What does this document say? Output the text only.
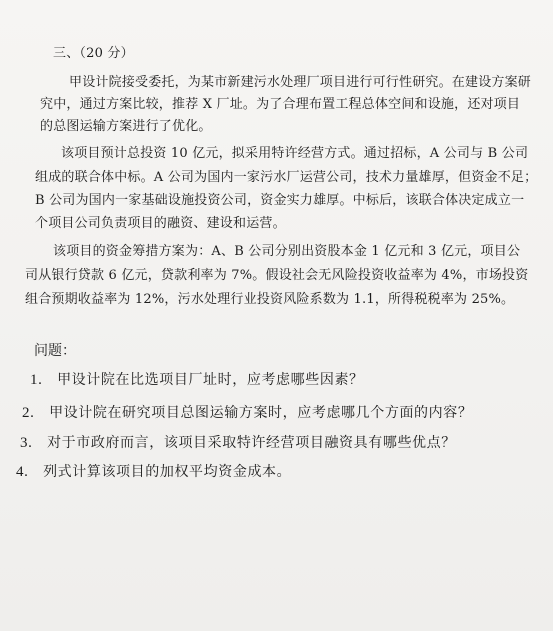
三、（20 分）
甲设计院接受委托，为某市新建污水处理厂项目进行可行性研究。在建设方案研
究中，通过方案比较，推荐 X 厂址。为了合理布置工程总体空间和设施，还对项目
的总图运输方案进行了优化。
该项目预计总投资 10 亿元，拟采用特许经营方式。通过招标，A 公司与 B 公司
组成的联合体中标。A 公司为国内一家污水厂运营公司，技术力量雄厚，但资金不足；
B 公司为国内一家基础设施投资公司，资金实力雄厚。中标后，该联合体决定成立一
个项目公司负责项目的融资、建设和运营。
该项目的资金筹措方案为：A、B 公司分别出资股本金 1 亿元和 3 亿元，项目公
司从银行贷款 6 亿元，贷款利率为 7%。假设社会无风险投资收益率为 4%，市场投资
组合预期收益率为 12%，污水处理行业投资风险系数为 1.1，所得税税率为 25%。
问题：
1. 甲设计院在比选项目厂址时，应考虑哪些因素？
2. 甲设计院在研究项目总图运输方案时，应考虑哪几个方面的内容？
3. 对于市政府而言，该项目采取特许经营项目融资具有哪些优点？
4. 列式计算该项目的加权平均资金成本。
